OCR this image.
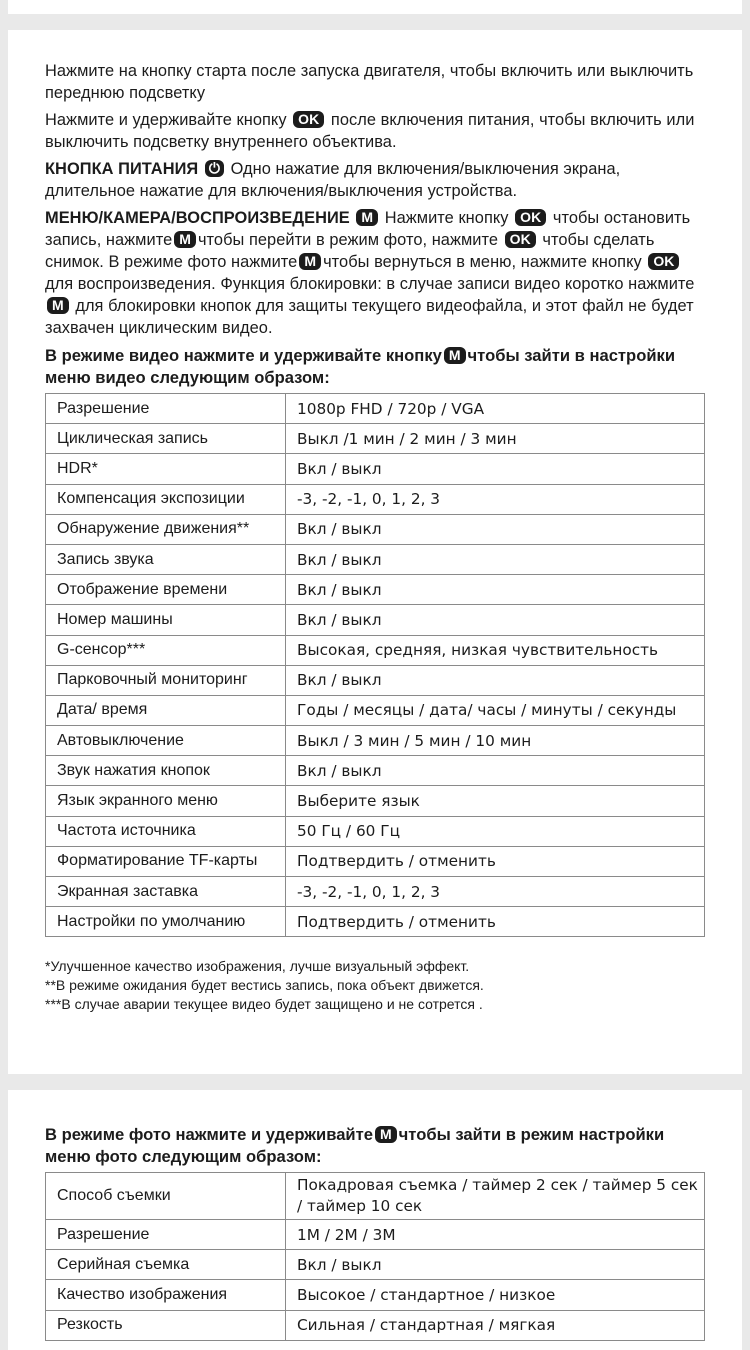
Нажмите на кнопку старта после запуска двигателя, чтобы включить или выключить переднюю подсветку

Нажмите и удерживайте кнопку OK после включения питания, чтобы включить или выключить подсветку внутреннего объектива.

КНОПКА ПИТАНИЯ ⏻ Одно нажатие для включения/выключения экрана, длительное нажатие для включения/выключения устройства.

МЕНЮ/КАМЕРА/ВОСПРОИЗВЕДЕНИЕ M Нажмите кнопку OK чтобы остановить запись, нажмите M чтобы перейти в режим фото, нажмите OK чтобы сделать снимок. В режиме фото нажмите M чтобы вернуться в меню, нажмите кнопку OK для воспроизведения. Функция блокировки: в случае записи видео коротко нажмите M для блокировки кнопок для защиты текущего видеофайла, и этот файл не будет захвачен циклическим видео.

В режиме видео нажмите и удерживайте кнопку M чтобы зайти в настройки меню видео следующим образом:
Разрешение	1080p FHD / 720p / VGA
Циклическая запись	Выкл /1 мин / 2 мин / 3 мин
HDR*	Вкл / выкл
Компенсация экспозиции	-3, -2, -1, 0, 1, 2, 3
Обнаружение движения**	Вкл / выкл
Запись звука	Вкл / выкл
Отображение времени	Вкл / выкл
Номер машины	Вкл / выкл
G-сенсор***	Высокая, средняя, низкая чувствительность
Парковочный мониторинг	Вкл / выкл
Дата/ время	Годы / месяцы / дата/ часы / минуты / секунды
Автовыключение	Выкл / 3 мин / 5 мин / 10 мин
Звук нажатия кнопок	Вкл / выкл
Язык экранного меню	Выберите язык
Частота источника	50 Гц / 60 Гц
Форматирование TF-карты	Подтвердить / отменить
Экранная заставка	-3, -2, -1, 0, 1, 2, 3
Настройки по умолчанию	Подтвердить / отменить
*Улучшенное качество изображения, лучше визуальный эффект.
**В режиме ожидания будет вестись запись, пока объект движется.
***В случае аварии текущее видео будет защищено и не сотрется .
В режиме фото нажмите и удерживайте M чтобы зайти в режим настройки меню фото следующим образом:
Способ съемки	Покадровая съемка / таймер 2 сек / таймер 5 сек / таймер 10 сек
Разрешение	1M / 2M / 3M
Серийная съемка	Вкл / выкл
Качество изображения	Высокое / стандартное / низкое
Резкость	Сильная / стандартная / мягкая
